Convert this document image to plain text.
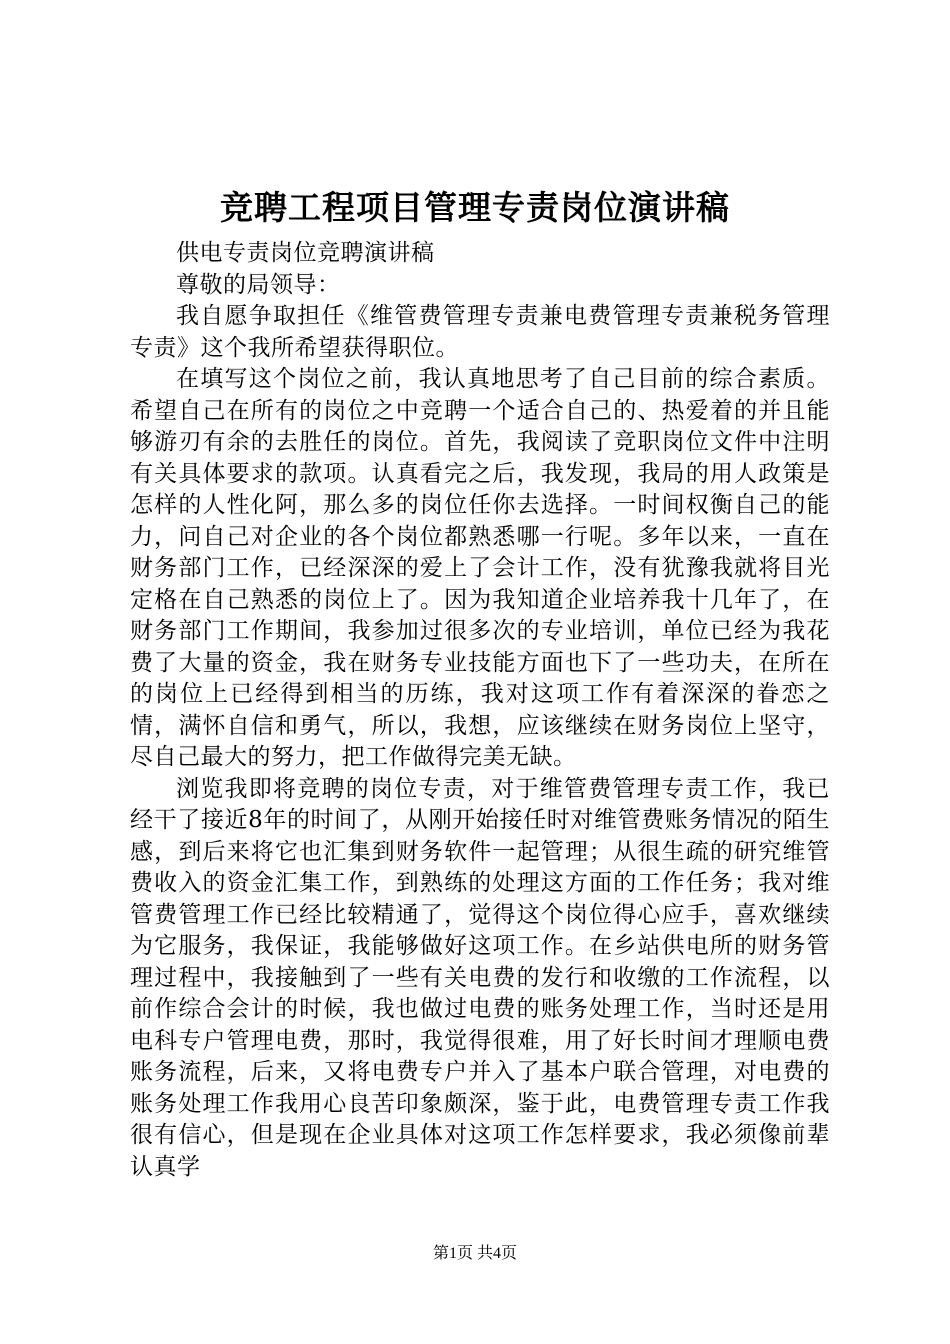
竞聘工程项目管理专责岗位演讲稿

供电专责岗位竞聘演讲稿

尊敬的局领导：

我自愿争取担任《维管费管理专责兼电费管理专责兼税务管理专责》这个我所希望获得职位。

在填写这个岗位之前，我认真地思考了自己目前的综合素质。希望自己在所有的岗位之中竞聘一个适合自己的、热爱着的并且能够游刃有余的去胜任的岗位。首先，我阅读了竞职岗位文件中注明有关具体要求的款项。认真看完之后，我发现，我局的用人政策是怎样的人性化阿，那么多的岗位任你去选择。一时间权衡自己的能力，问自己对企业的各个岗位都熟悉哪一行呢。多年以来，一直在财务部门工作，已经深深的爱上了会计工作，没有犹豫我就将目光定格在自己熟悉的岗位上了。因为我知道企业培养我十几年了，在财务部门工作期间，我参加过很多次的专业培训，单位已经为我花费了大量的资金，我在财务专业技能方面也下了一些功夫，在所在的岗位上已经得到相当的历练，我对这项工作有着深深的眷恋之情，满怀自信和勇气，所以，我想，应该继续在财务岗位上坚守，尽自己最大的努力，把工作做得完美无缺。

浏览我即将竞聘的岗位专责，对于维管费管理专责工作，我已经干了接近8年的时间了，从刚开始接任时对维管费账务情况的陌生感，到后来将它也汇集到财务软件一起管理；从很生疏的研究维管费收入的资金汇集工作，到熟练的处理这方面的工作任务；我对维管费管理工作已经比较精通了，觉得这个岗位得心应手，喜欢继续为它服务，我保证，我能够做好这项工作。在乡站供电所的财务管理过程中，我接触到了一些有关电费的发行和收缴的工作流程，以前作综合会计的时候，我也做过电费的账务处理工作，当时还是用电科专户管理电费，那时，我觉得很难，用了好长时间才理顺电费账务流程，后来，又将电费专户并入了基本户联合管理，对电费的账务处理工作我用心良苦印象颇深，鉴于此，电费管理专责工作我很有信心，但是现在企业具体对这项工作怎样要求，我必须像前辈认真学

第1页 共4页
